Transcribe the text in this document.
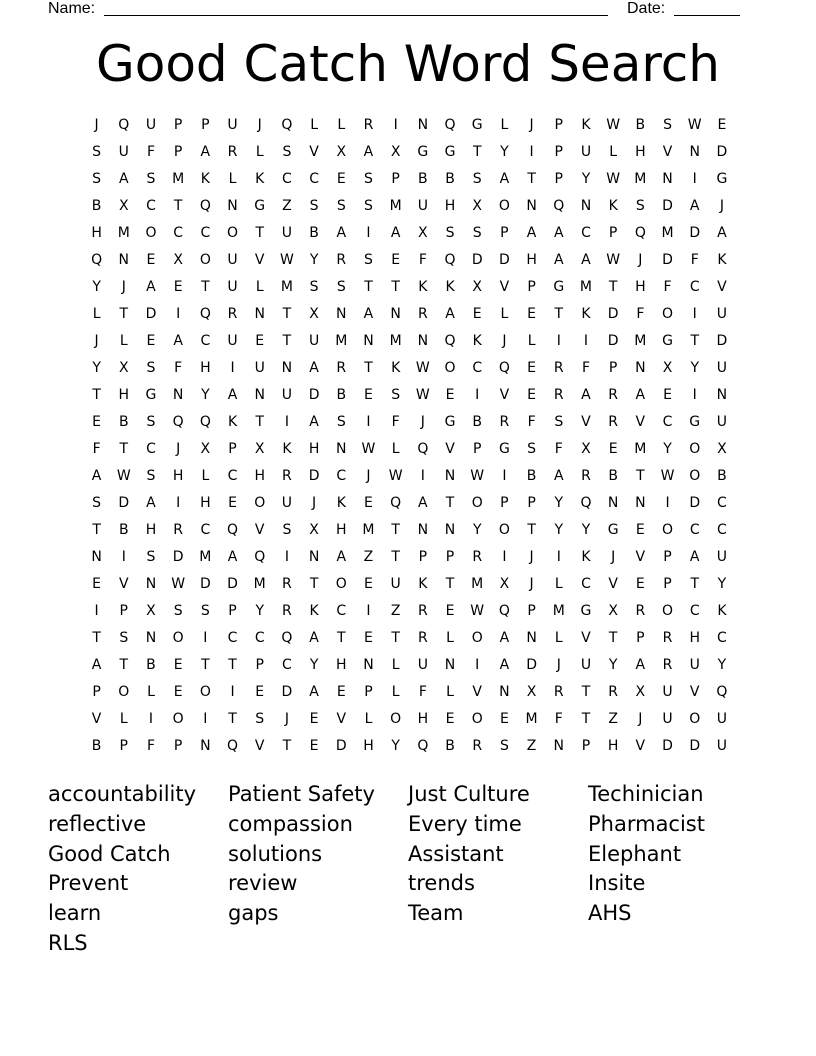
Name:	Date:
Good Catch Word Search
J	Q	U	P	P	U	J	Q	L	L	R	I	N	Q	G	L	J	P	K	W	B	S	W	E
S	U	F	P	A	R	L	S	V	X	A	X	G	G	T	Y	I	P	U	L	H	V	N	D
S	A	S	M	K	L	K	C	C	E	S	P	B	B	S	A	T	P	Y	W	M	N	I	G
B	X	C	T	Q	N	G	Z	S	S	S	M	U	H	X	O	N	Q	N	K	S	D	A	J
H	M	O	C	C	O	T	U	B	A	I	A	X	S	S	P	A	A	C	P	Q	M	D	A
Q	N	E	X	O	U	V	W	Y	R	S	E	F	Q	D	D	H	A	A	W	J	D	F	K
Y	J	A	E	T	U	L	M	S	S	T	T	K	K	X	V	P	G	M	T	H	F	C	V
L	T	D	I	Q	R	N	T	X	N	A	N	R	A	E	L	E	T	K	D	F	O	I	U
J	L	E	A	C	U	E	T	U	M	N	M	N	Q	K	J	L	I	I	D	M	G	T	D
Y	X	S	F	H	I	U	N	A	R	T	K	W	O	C	Q	E	R	F	P	N	X	Y	U
T	H	G	N	Y	A	N	U	D	B	E	S	W	E	I	V	E	R	A	R	A	E	I	N
E	B	S	Q	Q	K	T	I	A	S	I	F	J	G	B	R	F	S	V	R	V	C	G	U
F	T	C	J	X	P	X	K	H	N	W	L	Q	V	P	G	S	F	X	E	M	Y	O	X
A	W	S	H	L	C	H	R	D	C	J	W	I	N	W	I	B	A	R	B	T	W	O	B
S	D	A	I	H	E	O	U	J	K	E	Q	A	T	O	P	P	Y	Q	N	N	I	D	C
T	B	H	R	C	Q	V	S	X	H	M	T	N	N	Y	O	T	Y	Y	G	E	O	C	C
N	I	S	D	M	A	Q	I	N	A	Z	T	P	P	R	I	J	I	K	J	V	P	A	U
E	V	N	W	D	D	M	R	T	O	E	U	K	T	M	X	J	L	C	V	E	P	T	Y
I	P	X	S	S	P	Y	R	K	C	I	Z	R	E	W	Q	P	M	G	X	R	O	C	K
T	S	N	O	I	C	C	Q	A	T	E	T	R	L	O	A	N	L	V	T	P	R	H	C
A	T	B	E	T	T	P	C	Y	H	N	L	U	N	I	A	D	J	U	Y	A	R	U	Y
P	O	L	E	O	I	E	D	A	E	P	L	F	L	V	N	X	R	T	R	X	U	V	Q
V	L	I	O	I	T	S	J	E	V	L	O	H	E	O	E	M	F	T	Z	J	U	O	U
B	P	F	P	N	Q	V	T	E	D	H	Y	Q	B	R	S	Z	N	P	H	V	D	D	U
accountability	Patient Safety	Just Culture	Techinician
reflective	compassion	Every time	Pharmacist
Good Catch	solutions	Assistant	Elephant
Prevent	review	trends	Insite
learn	gaps	Team	AHS
RLS
